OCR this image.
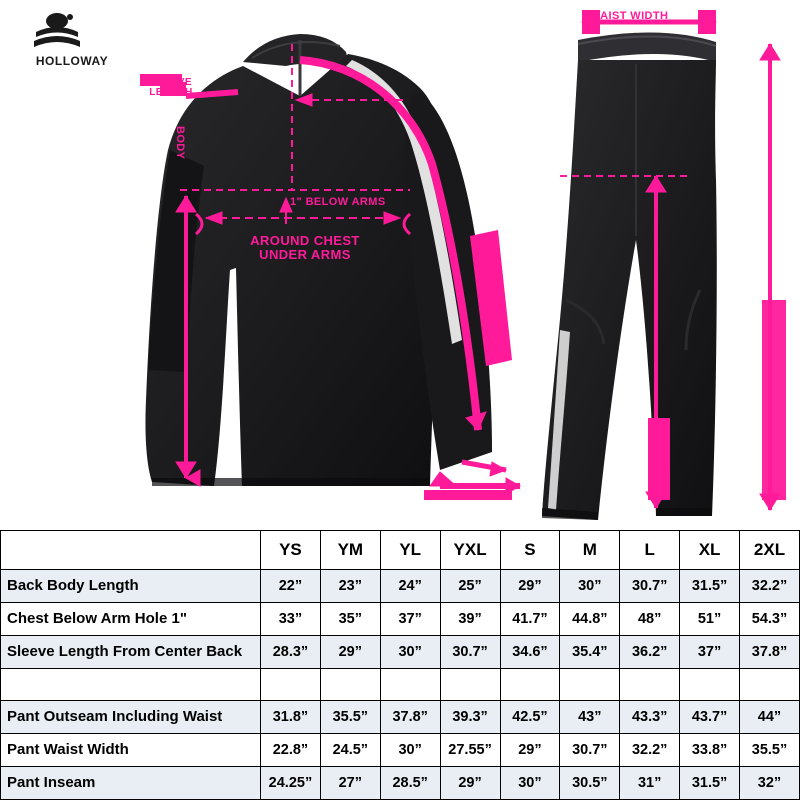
HOLLOWAY
BODY
1" BELOW ARMS
AROUND CHEST
UNDER ARMS
SLEEVE
LENGTH
WAIST WIDTH
	YS	YM	YL	YXL	S	M	L	XL	2XL
Back Body Length	22”	23”	24”	25”	29”	30”	30.7”	31.5”	32.2”
Chest Below Arm Hole 1"	33”	35”	37”	39”	41.7”	44.8”	48”	51”	54.3”
Sleeve Length From Center Back	28.3”	29”	30”	30.7”	34.6”	35.4”	36.2”	37”	37.8”

Pant Outseam Including Waist	31.8”	35.5”	37.8”	39.3”	42.5”	43”	43.3”	43.7”	44”
Pant Waist Width	22.8”	24.5”	30”	27.55”	29”	30.7”	32.2”	33.8”	35.5”
Pant Inseam	24.25”	27”	28.5”	29”	30”	30.5”	31”	31.5”	32”
